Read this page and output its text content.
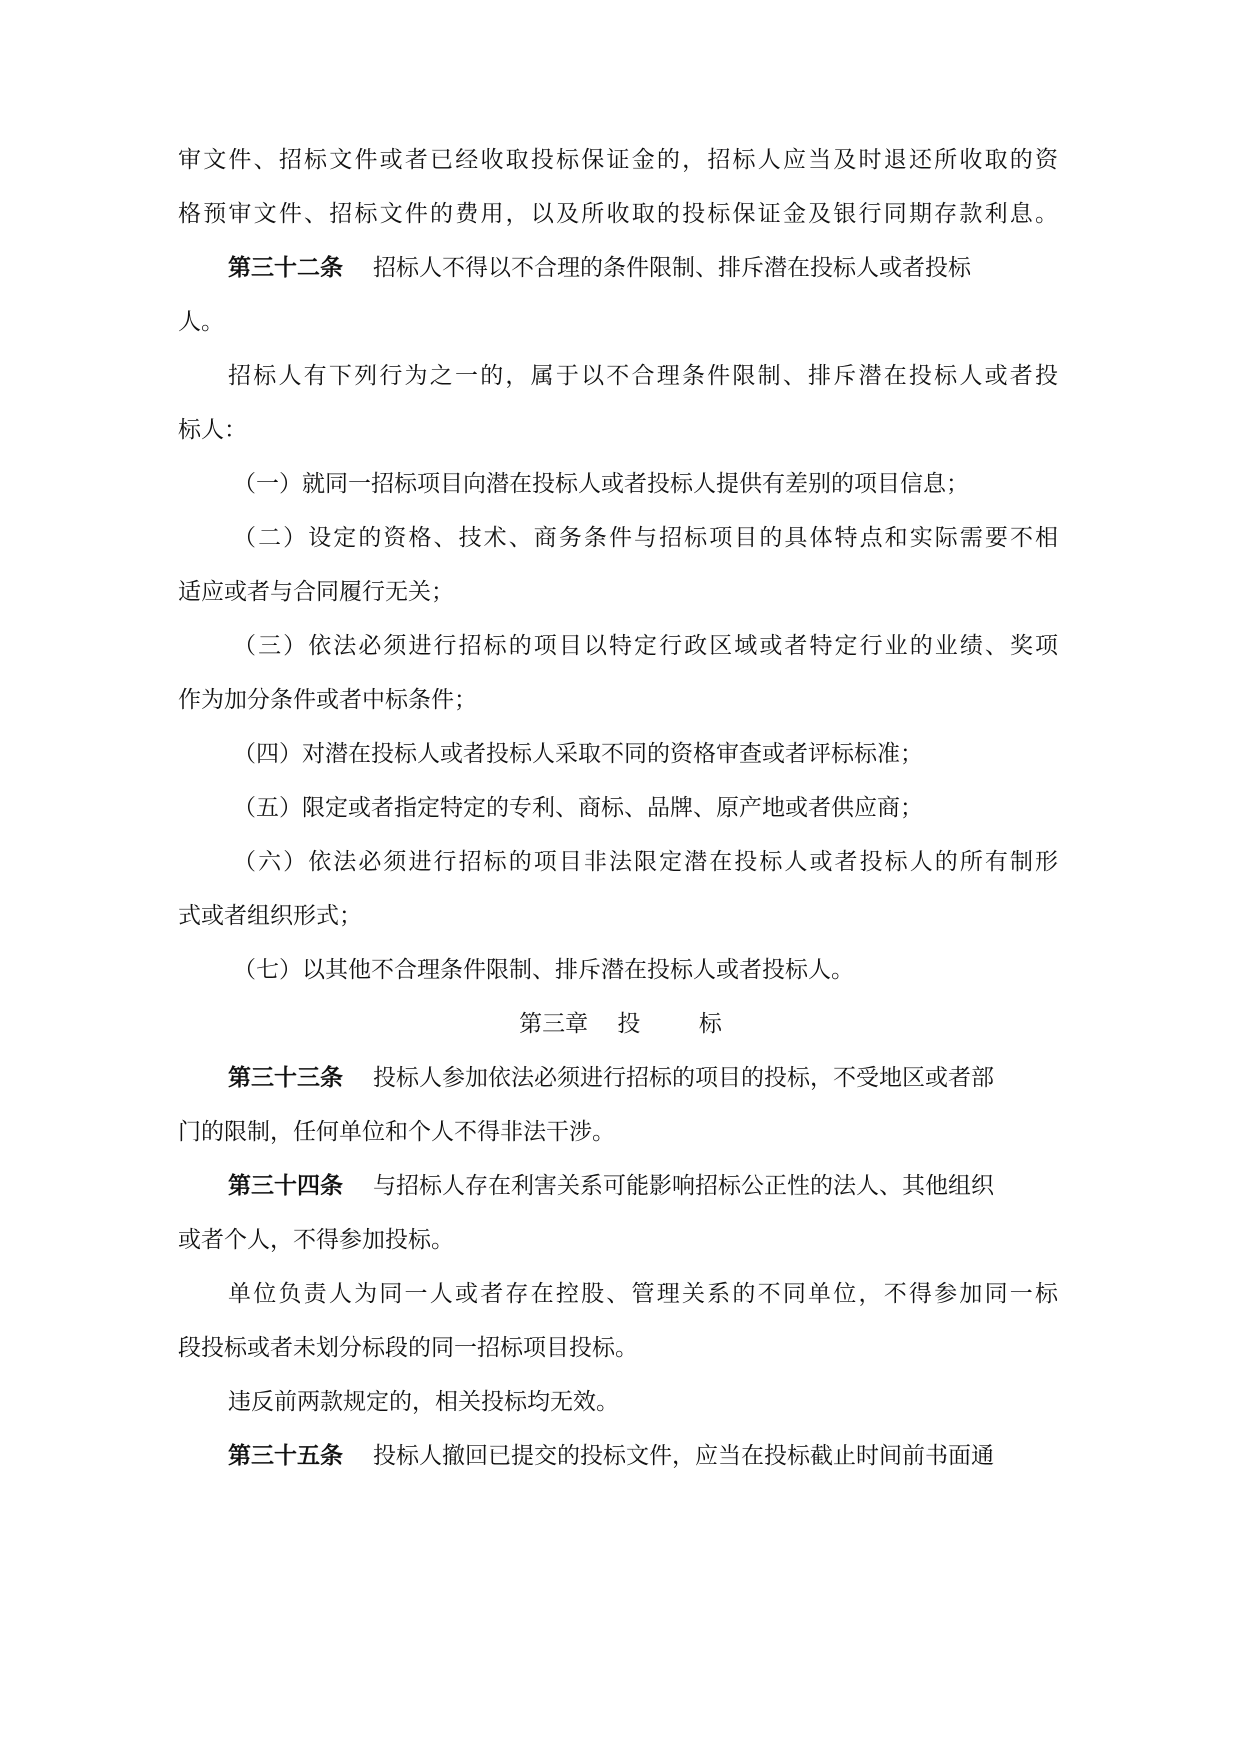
审文件、招标文件或者已经收取投标保证金的，招标人应当及时退还所收取的资
格预审文件、招标文件的费用，以及所收取的投标保证金及银行同期存款利息。
第三十二条 招标人不得以不合理的条件限制、排斥潜在投标人或者投标
人。
招标人有下列行为之一的，属于以不合理条件限制、排斥潜在投标人或者投
标人：
（一）就同一招标项目向潜在投标人或者投标人提供有差别的项目信息；
（二）设定的资格、技术、商务条件与招标项目的具体特点和实际需要不相
适应或者与合同履行无关；
（三）依法必须进行招标的项目以特定行政区域或者特定行业的业绩、奖项
作为加分条件或者中标条件；
（四）对潜在投标人或者投标人采取不同的资格审查或者评标标准；
（五）限定或者指定特定的专利、商标、品牌、原产地或者供应商；
（六）依法必须进行招标的项目非法限定潜在投标人或者投标人的所有制形
式或者组织形式；
（七）以其他不合理条件限制、排斥潜在投标人或者投标人。
第三章    投        标
第三十三条 投标人参加依法必须进行招标的项目的投标，不受地区或者部
门的限制，任何单位和个人不得非法干涉。
第三十四条 与招标人存在利害关系可能影响招标公正性的法人、其他组织
或者个人，不得参加投标。
单位负责人为同一人或者存在控股、管理关系的不同单位，不得参加同一标
段投标或者未划分标段的同一招标项目投标。
违反前两款规定的，相关投标均无效。
第三十五条 投标人撤回已提交的投标文件，应当在投标截止时间前书面通
